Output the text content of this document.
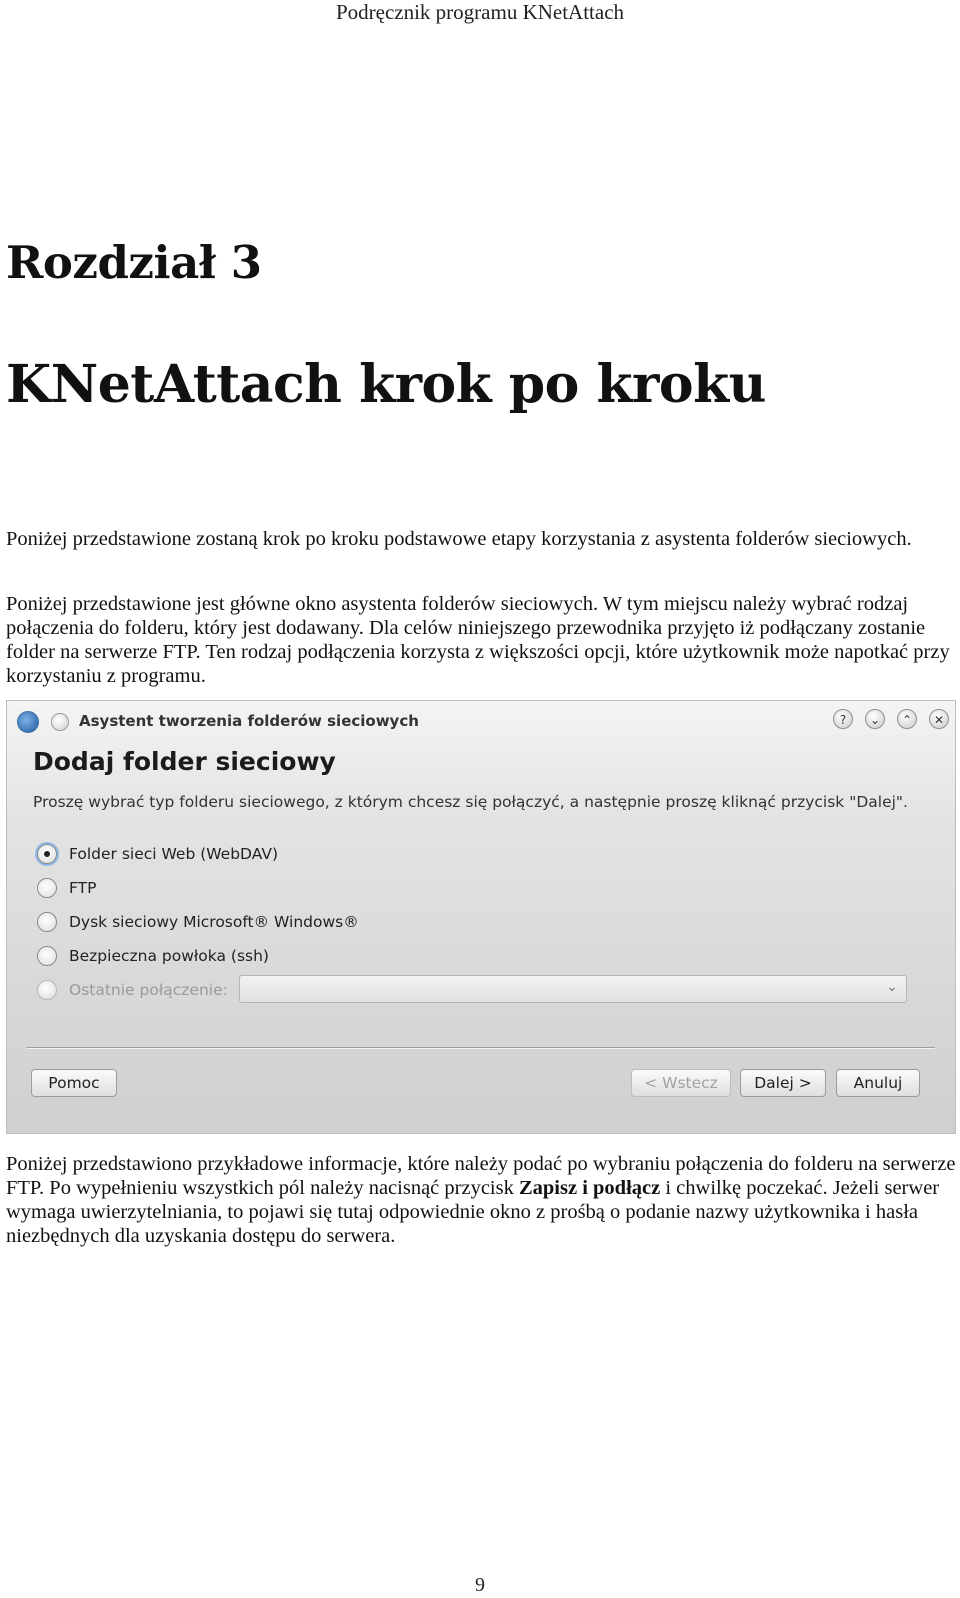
Podręcznik programu KNetAttach
Rozdział 3
KNetAttach krok po kroku

Poniżej przedstawione zostaną krok po kroku podstawowe etapy korzystania z asystenta folderów sieciowych.

Poniżej przedstawione jest główne okno asystenta folderów sieciowych. W tym miejscu należy wybrać rodzaj połączenia do folderu, który jest dodawany. Dla celów niniejszego przewodnika przyjęto iż podłączany zostanie folder na serwerze FTP. Ten rodzaj podłączenia korzysta z większości opcji, które użytkownik może napotkać przy korzystaniu z programu.

Asystent tworzenia folderów sieciowych	?	⌄	⌃	✕
Dodaj folder sieciowy
Proszę wybrać typ folderu sieciowego, z którym chcesz się połączyć, a następnie proszę kliknąć przycisk "Dalej".
Folder sieci Web (WebDAV)
FTP
Dysk sieciowy Microsoft® Windows®
Bezpieczna powłoka (ssh)
Ostatnie połączenie:	⌄
Pomoc	< Wstecz	Dalej >	Anuluj

Poniżej przedstawiono przykładowe informacje, które należy podać po wybraniu połączenia do folderu na serwerze FTP. Po wypełnieniu wszystkich pól należy nacisnąć przycisk Zapisz i podłącz i chwilkę poczekać. Jeżeli serwer wymaga uwierzytelniania, to pojawi się tutaj odpowiednie okno z prośbą o podanie nazwy użytkownika i hasła niezbędnych dla uzyskania dostępu do serwera.

9
